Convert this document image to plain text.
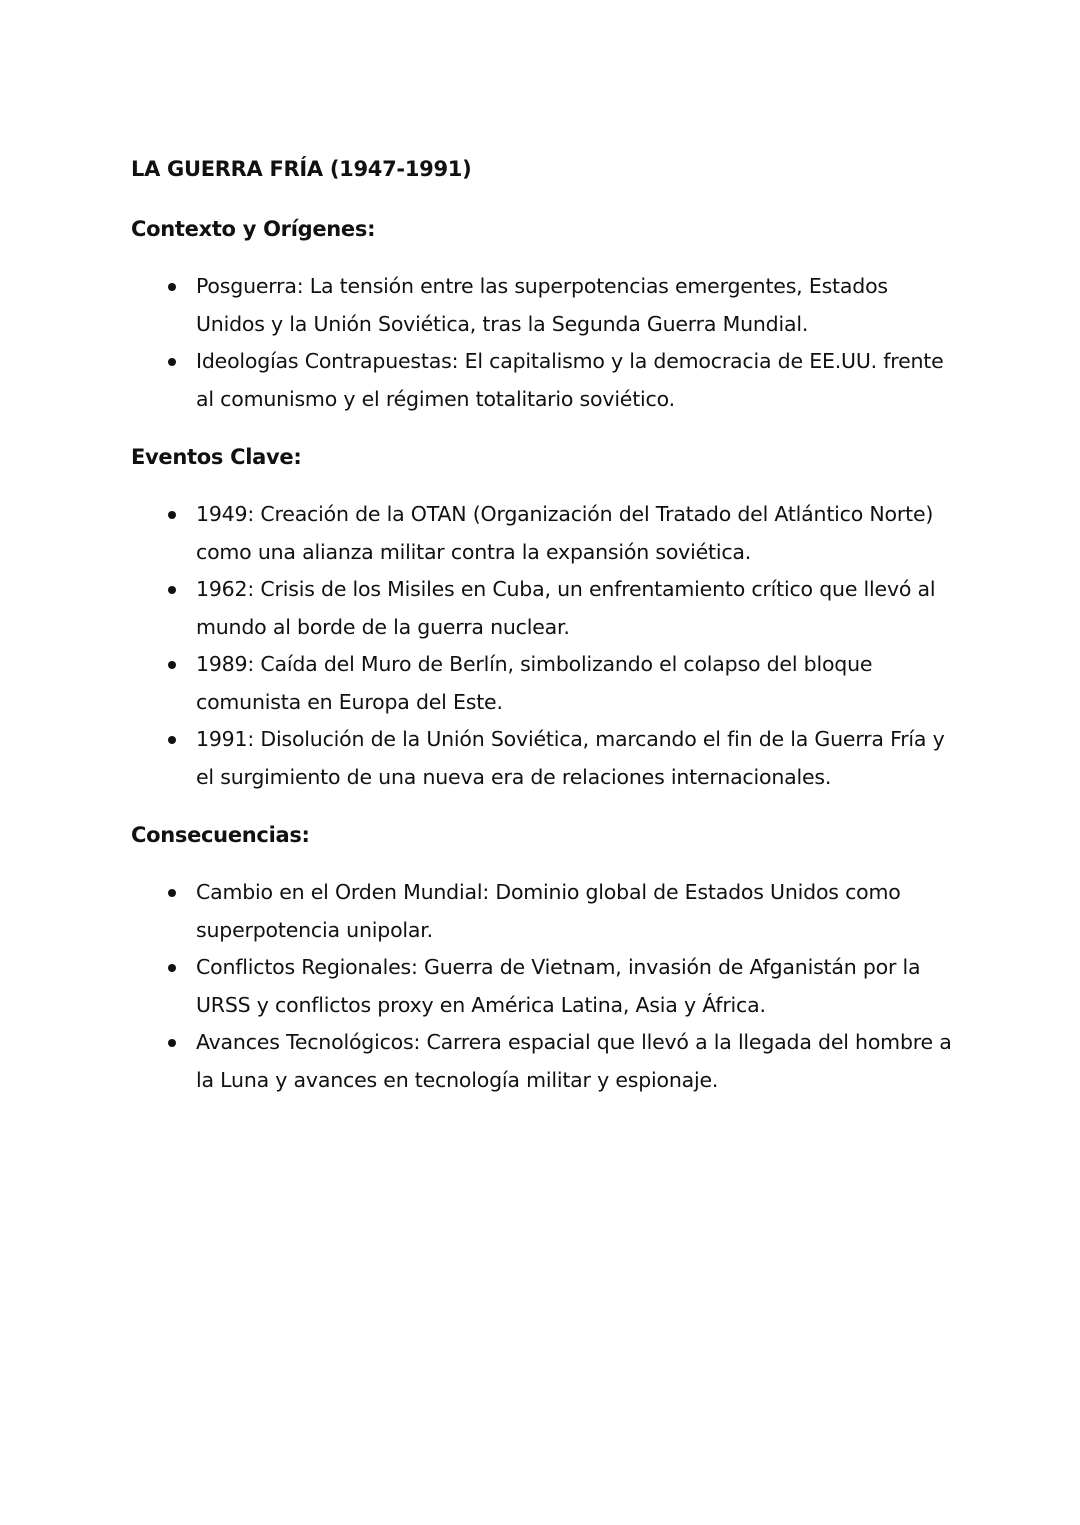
LA GUERRA FRÍA (1947-1991)
Contexto y Orígenes:
Posguerra: La tensión entre las superpotencias emergentes, Estados Unidos y la Unión Soviética, tras la Segunda Guerra Mundial.
Ideologías Contrapuestas: El capitalismo y la democracia de EE.UU. frente al comunismo y el régimen totalitario soviético.
Eventos Clave:
1949: Creación de la OTAN (Organización del Tratado del Atlántico Norte) como una alianza militar contra la expansión soviética.
1962: Crisis de los Misiles en Cuba, un enfrentamiento crítico que llevó al mundo al borde de la guerra nuclear.
1989: Caída del Muro de Berlín, simbolizando el colapso del bloque comunista en Europa del Este.
1991: Disolución de la Unión Soviética, marcando el fin de la Guerra Fría y el surgimiento de una nueva era de relaciones internacionales.
Consecuencias:
Cambio en el Orden Mundial: Dominio global de Estados Unidos como superpotencia unipolar.
Conflictos Regionales: Guerra de Vietnam, invasión de Afganistán por la URSS y conflictos proxy en América Latina, Asia y África.
Avances Tecnológicos: Carrera espacial que llevó a la llegada del hombre a la Luna y avances en tecnología militar y espionaje.
